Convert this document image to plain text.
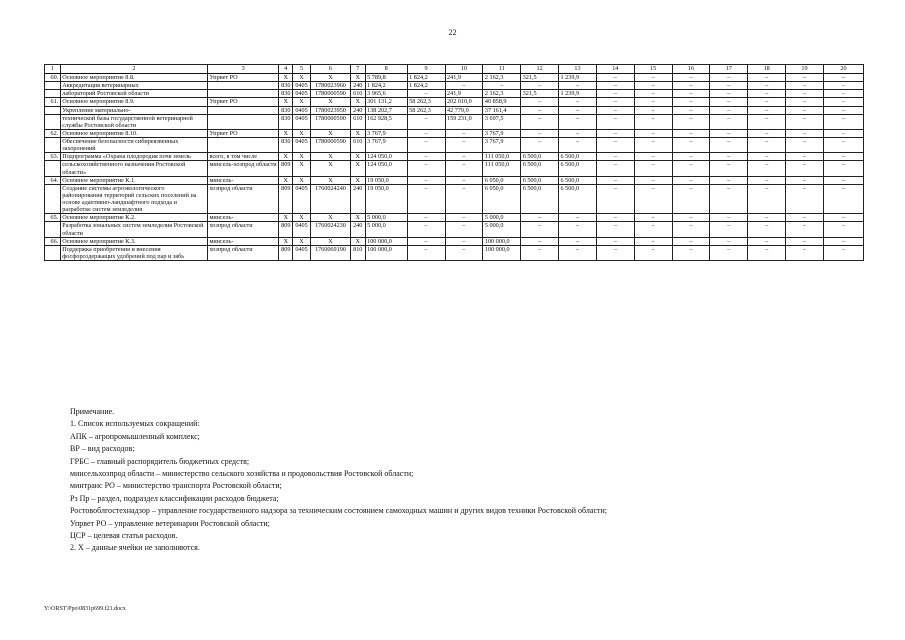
22
1	2	3	4	5	6	7	8	9	10	11	12	13	14	15	16	17	18	19	20
60.	Основное мероприятие 8.8.	Упрвет РО	X	X	X	X	5 789,8	1 824,2	241,9	2 162,3	321,5	1 239,9	–	–	–	–	–	–	–
	Аккредитация ветеринарных		830	0405	1780023960	240	1 824,2	1 824,2	–	–	–	–	–	–	–	–	–	–	–
	лабораторий Ростовской области		830	0405	1780000590	610	3 965,6	–	241,9	2 162,3	321,5	1 239,9	–	–	–	–	–	–	–
61.	Основное мероприятие 8.9.	Упрвет РО	X	X	X	X	301 131,2	58 262,3	202 010,0	40 858,9	–	–	–	–	–	–	–	–	–
	Укрепление материально-		830	0405	1780023950	240	138 202,7	58 262,3	42 779,0	37 161,4	–	–	–	–	–	–	–	–	–
	технической базы государственной ветеринарной службы Ростовской области		830	0405	1780000590	610	162 928,5	–	159 231,0	3 697,5	–	–	–	–	–	–	–	–	–
62.	Основное мероприятие 8.10.	Упрвет РО	X	X	X	X	3 767,9	–	–	3 767,9	–	–	–	–	–	–	–	–	–
	Обеспечение безопасности сибиреязвенных захоронений		830	0405	1780000590	610	3 767,9	–	–	3 767,9	–	–	–	–	–	–	–	–	–
63.	Подпрограмма «Охрана плодородия почв земель	всего, в том числе	X	X	X	X	124 050,0	–	–	111 050,0	6 500,0	6 500,0	–	–	–	–	–	–	–
	сельскохозяйственного назначения Ростовской области»	минсель-хозпрод области	809	X	X	X	124 050,0	–	–	111 050,0	6 500,0	6 500,0	–	–	–	–	–	–	–
64.	Основное мероприятие К.1.	минсель-	X	X	X	X	19 050,0	–	–	6 050,0	6 500,0	6 500,0	–	–	–	–	–	–	–
	Создание системы агроэкологического районирования территорий сельских поселений на основе адаптивно-ландшафтного подхода и разработке систем земледелия	хозпрод области	809	0405	1760024240	240	19 050,0	–	–	6 050,0	6 500,0	6 500,0	–	–	–	–	–	–	–
65.	Основное мероприятие К.2.	минсель-	X	X	X	X	5 000,0	–	–	5 000,0	–	–	–	–	–	–	–	–	–
	Разработка зональных систем земледелия Ростовской области	хозпрод области	809	0405	1760024230	240	5 000,0	–	–	5 000,0	–	–	–	–	–	–	–	–	–
66.	Основное мероприятие К.3.	минсель-	X	X	X	X	100 000,0	–	–	100 000,0	–	–	–	–	–	–	–	–	–
	Поддержка приобретения и внесения фосфорсодержащих удобрений под пар и зябь	хозпрод области	809	0405	1760069190	810	100 000,0	–	–	100 000,0	–	–	–	–	–	–	–	–	–
Примечание.
1. Список используемых сокращений:
АПК – агропромышленный комплекс;
ВР – вид расходов;
ГРБС – главный распорядитель бюджетных средств;
минсельхозпрод области – министерство сельского хозяйства и продовольствия Ростовской области;
минтранс РО – министерство транспорта Ростовской области;
Рз Пр – раздел, подраздел классификации расходов бюджета;
Ростовоблгостехнадзор – управление государственного надзора за техническим состоянием самоходных машин и других видов техники Ростовской области;
Упрвет РО – управление ветеринарии Ростовской области;
ЦСР – целевая статья расходов.
2. X – данные ячейки не заполняются.
Y:\ORST\Ppo\0831p699.f21.docx
